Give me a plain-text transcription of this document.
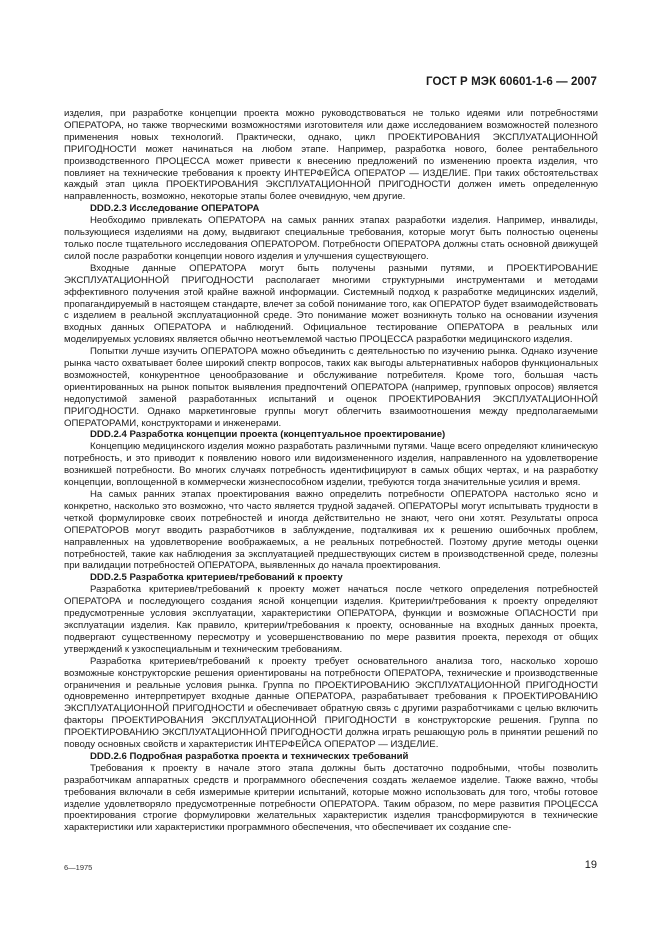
ГОСТ Р МЭК 60601-1-6 — 2007

изделия, при разработке концепции проекта можно руководствоваться не только идеями или потребностями ОПЕРАТОРА, но также творческими возможностями изготовителя или даже исследованием возможностей полезного применения новых технологий. Практически, однако, цикл ПРОЕКТИРОВАНИЯ ЭКСПЛУАТАЦИОННОЙ ПРИГОДНОСТИ может начинаться на любом этапе. Например, разработка нового, более рентабельного производственного ПРОЦЕССА может привести к внесению предложений по изменению проекта изделия, что повлияет на технические требования к проекту ИНТЕРФЕЙСА ОПЕРАТОР — ИЗДЕЛИЕ. При таких обстоятельствах каждый этап цикла ПРОЕКТИРОВАНИЯ ЭКСПЛУАТАЦИОННОЙ ПРИГОДНОСТИ должен иметь определенную направленность, возможно, некоторые этапы более очевидную, чем другие.

DDD.2.3 Исследование ОПЕРАТОРА

Необходимо привлекать ОПЕРАТОРА на самых ранних этапах разработки изделия. Например, инвалиды, пользующиеся изделиями на дому, выдвигают специальные требования, которые могут быть полностью оценены только после тщательного исследования ОПЕРАТОРОМ. Потребности ОПЕРАТОРА должны стать основной движущей силой после разработки концепции нового изделия и улучшения существующего.

Входные данные ОПЕРАТОРА могут быть получены разными путями, и ПРОЕКТИРОВАНИЕ ЭКСПЛУАТАЦИОННОЙ ПРИГОДНОСТИ располагает многими структурными инструментами и методами эффективного получения этой крайне важной информации. Системный подход к разработке медицинских изделий, пропагандируемый в настоящем стандарте, влечет за собой понимание того, как ОПЕРАТОР будет взаимодействовать с изделием в реальной эксплуатационной среде. Это понимание может возникнуть только на основании изучения входных данных ОПЕРАТОРА и наблюдений. Официальное тестирование ОПЕРАТОРА в реальных или моделируемых условиях является обычно неотъемлемой частью ПРОЦЕССА разработки медицинского изделия.

Попытки лучше изучить ОПЕРАТОРА можно объединить с деятельностью по изучению рынка. Однако изучение рынка часто охватывает более широкий спектр вопросов, таких как выгоды альтернативных наборов функциональных возможностей, конкурентное ценообразование и обслуживание потребителя. Кроме того, большая часть ориентированных на рынок попыток выявления предпочтений ОПЕРАТОРА (например, групповых опросов) является недопустимой заменой разработанных испытаний и оценок ПРОЕКТИРОВАНИЯ ЭКСПЛУАТАЦИОННОЙ ПРИГОДНОСТИ. Однако маркетинговые группы могут облегчить взаимоотношения между предполагаемыми ОПЕРАТОРАМИ, конструкторами и инженерами.

DDD.2.4 Разработка концепции проекта (концептуальное проектирование)

Концепцию медицинского изделия можно разработать различными путями. Чаще всего определяют клиническую потребность, и это приводит к появлению нового или видоизмененного изделия, направленного на удовлетворение возникшей потребности. Во многих случаях потребность идентифицируют в самых общих чертах, и на разработку концепции, воплощенной в коммерчески жизнеспособном изделии, требуются тогда значительные усилия и время.

На самых ранних этапах проектирования важно определить потребности ОПЕРАТОРА настолько ясно и конкретно, насколько это возможно, что часто является трудной задачей. ОПЕРАТОРЫ могут испытывать трудности в четкой формулировке своих потребностей и иногда действительно не знают, чего они хотят. Результаты опроса ОПЕРАТОРОВ могут вводить разработчиков в заблуждение, подталкивая их к решению ошибочных проблем, направленных на удовлетворение воображаемых, а не реальных потребностей. Поэтому другие методы оценки потребностей, такие как наблюдения за эксплуатацией предшествующих систем в производственной среде, полезны при валидации потребностей ОПЕРАТОРА, выявленных до начала проектирования.

DDD.2.5 Разработка критериев/требований к проекту

Разработка критериев/требований к проекту может начаться после четкого определения потребностей ОПЕРАТОРА и последующего создания ясной концепции изделия. Критерии/требования к проекту определяют предусмотренные условия эксплуатации, характеристики ОПЕРАТОРА, функции и возможные ОПАСНОСТИ при эксплуатации изделия. Как правило, критерии/требования к проекту, основанные на входных данных проекта, подвергают существенному пересмотру и усовершенствованию по мере развития проекта, переходя от общих утверждений к узкоспециальным и техническим требованиям.

Разработка критериев/требований к проекту требует основательного анализа того, насколько хорошо возможные конструкторские решения ориентированы на потребности ОПЕРАТОРА, технические и производственные ограничения и реальные условия рынка. Группа по ПРОЕКТИРОВАНИЮ ЭКСПЛУАТАЦИОННОЙ ПРИГОДНОСТИ одновременно интерпретирует входные данные ОПЕРАТОРА, разрабатывает требования к ПРОЕКТИРОВАНИЮ ЭКСПЛУАТАЦИОННОЙ ПРИГОДНОСТИ и обеспечивает обратную связь с другими разработчиками с целью включить факторы ПРОЕКТИРОВАНИЯ ЭКСПЛУАТАЦИОННОЙ ПРИГОДНОСТИ в конструкторские решения. Группа по ПРОЕКТИРОВАНИЮ ЭКСПЛУАТАЦИОННОЙ ПРИГОДНОСТИ должна играть решающую роль в принятии решений по поводу основных свойств и характеристик ИНТЕРФЕЙСА ОПЕРАТОР — ИЗДЕЛИЕ.

DDD.2.6 Подробная разработка проекта и технических требований

Требования к проекту в начале этого этапа должны быть достаточно подробными, чтобы позволить разработчикам аппаратных средств и программного обеспечения создать желаемое изделие. Также важно, чтобы требования включали в себя измеримые критерии испытаний, которые можно использовать для того, чтобы готовое изделие удовлетворяло предусмотренные потребности ОПЕРАТОРА. Таким образом, по мере развития ПРОЦЕССА проектирования строгие формулировки желательных характеристик изделия трансформируются в технические характеристики или характеристики программного обеспечения, что обеспечивает их создание спе-

6—1975	19
